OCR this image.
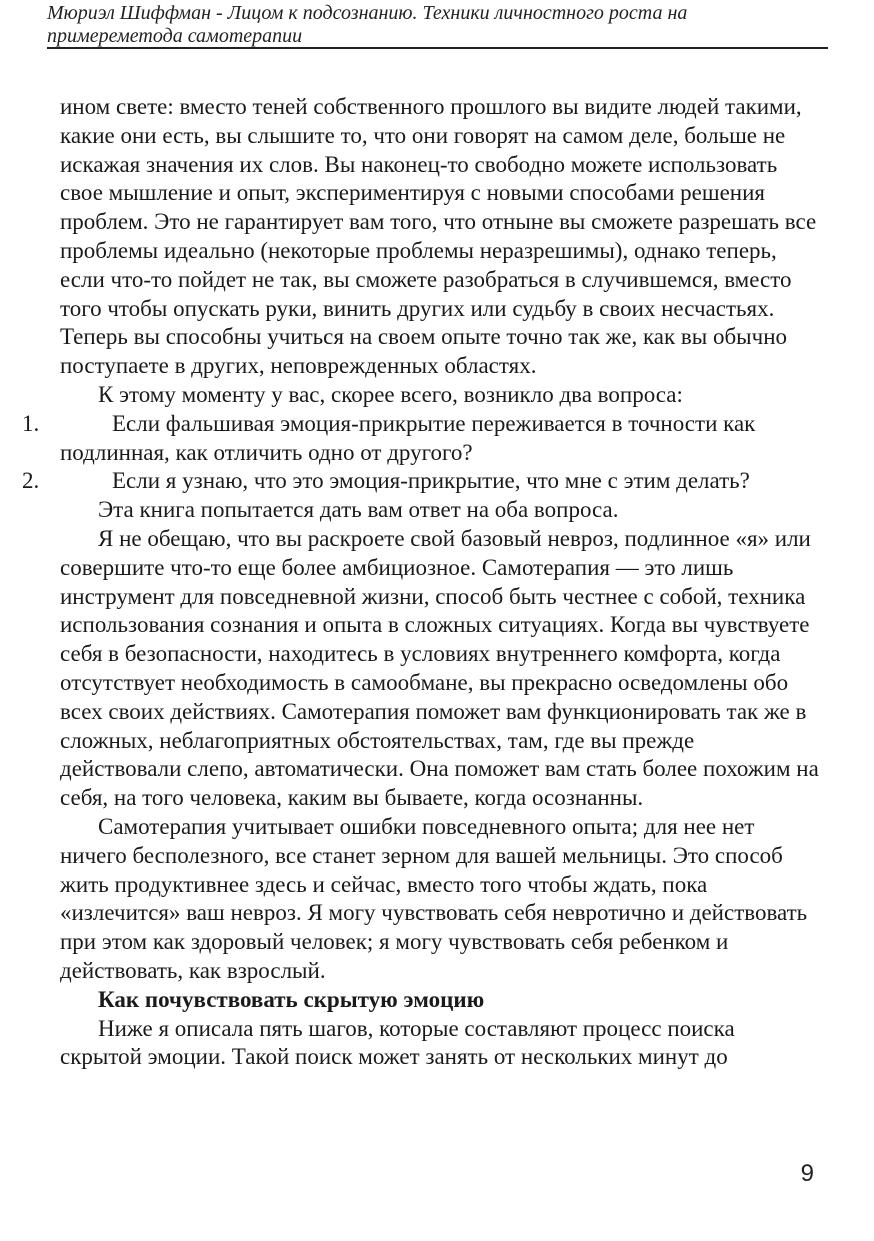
Мюриэл Шиффман - Лицом к подсознанию. Техники личностного роста на
примереметода самотерапии

ином свете: вместо теней собственного прошлого вы видите людей такими, какие они есть, вы слышите то, что они говорят на самом деле, больше не искажая значения их слов. Вы наконец-то свободно можете использовать свое мышление и опыт, экспериментируя с новыми способами решения проблем. Это не гарантирует вам того, что отныне вы сможете разрешать все проблемы идеально (некоторые проблемы неразрешимы), однако теперь, если что-то пойдет не так, вы сможете разобраться в случившемся, вместо того чтобы опускать руки, винить других или судьбу в своих несчастьях. Теперь вы способны учиться на своем опыте точно так же, как вы обычно поступаете в других, неповрежденных областях.

К этому моменту у вас, скорее всего, возникло два вопроса:

1.	Если фальшивая эмоция-прикрытие переживается в точности как подлинная, как отличить одно от другого?

2.	Если я узнаю, что это эмоция-прикрытие, что мне с этим делать?

Эта книга попытается дать вам ответ на оба вопроса.

Я не обещаю, что вы раскроете свой базовый невроз, подлинное «я» или совершите что-то еще более амбициозное. Самотерапия — это лишь инструмент для повседневной жизни, способ быть честнее с собой, техника использования сознания и опыта в сложных ситуациях. Когда вы чувствуете себя в безопасности, находитесь в условиях внутреннего комфорта, когда отсутствует необходимость в самообмане, вы прекрасно осведомлены обо всех своих действиях. Самотерапия поможет вам функционировать так же в сложных, неблагоприятных обстоятельствах, там, где вы прежде действовали слепо, автоматически. Она поможет вам стать более похожим на себя, на того человека, каким вы бываете, когда осознанны.

Самотерапия учитывает ошибки повседневного опыта; для нее нет ничего бесполезного, все станет зерном для вашей мельницы. Это способ жить продуктивнее здесь и сейчас, вместо того чтобы ждать, пока «излечится» ваш невроз. Я могу чувствовать себя невротично и действовать при этом как здоровый человек; я могу чувствовать себя ребенком и действовать, как взрослый.

Как почувствовать скрытую эмоцию

Ниже я описала пять шагов, которые составляют процесс поиска скрытой эмоции. Такой поиск может занять от нескольких минут до

9
